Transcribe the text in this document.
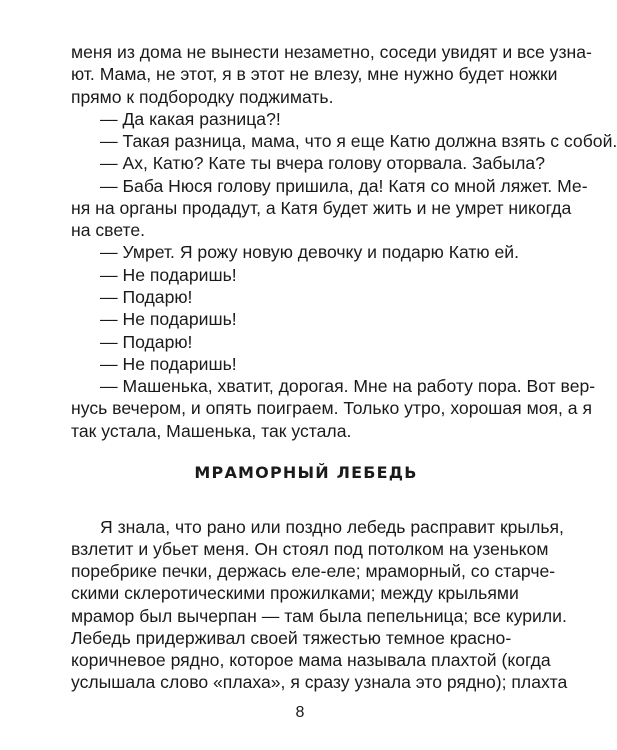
меня из дома не вынести незаметно, соседи увидят и все узна-
ют. Мама, не этот, я в этот не влезу, мне нужно будет ножки
прямо к подбородку поджимать.
— Да какая разница?!
— Такая разница, мама, что я еще Катю должна взять с собой.
— Ах, Катю? Кате ты вчера голову оторвала. Забыла?
— Баба Нюся голову пришила, да! Катя со мной ляжет. Ме-
ня на органы продадут, а Катя будет жить и не умрет никогда
на свете.
— Умрет. Я рожу новую девочку и подарю Катю ей.
— Не подаришь!
— Подарю!
— Не подаришь!
— Подарю!
— Не подаришь!
— Машенька, хватит, дорогая. Мне на работу пора. Вот вер-
нусь вечером, и опять поиграем. Только утро, хорошая моя, а я
так устала, Машенька, так устала.
МРАМОРНЫЙ ЛЕБЕДЬ
Я знала, что рано или поздно лебедь расправит крылья,
взлетит и убьет меня. Он стоял под потолком на узеньком
поребрике печки, держась еле-еле; мраморный, со старче-
скими склеротическими прожилками; между крыльями
мрамор был вычерпан — там была пепельница; все курили.
Лебедь придерживал своей тяжестью темное красно-
коричневое рядно, которое мама называла плахтой (когда
услышала слово «плаха», я сразу узнала это рядно); плахта
8
